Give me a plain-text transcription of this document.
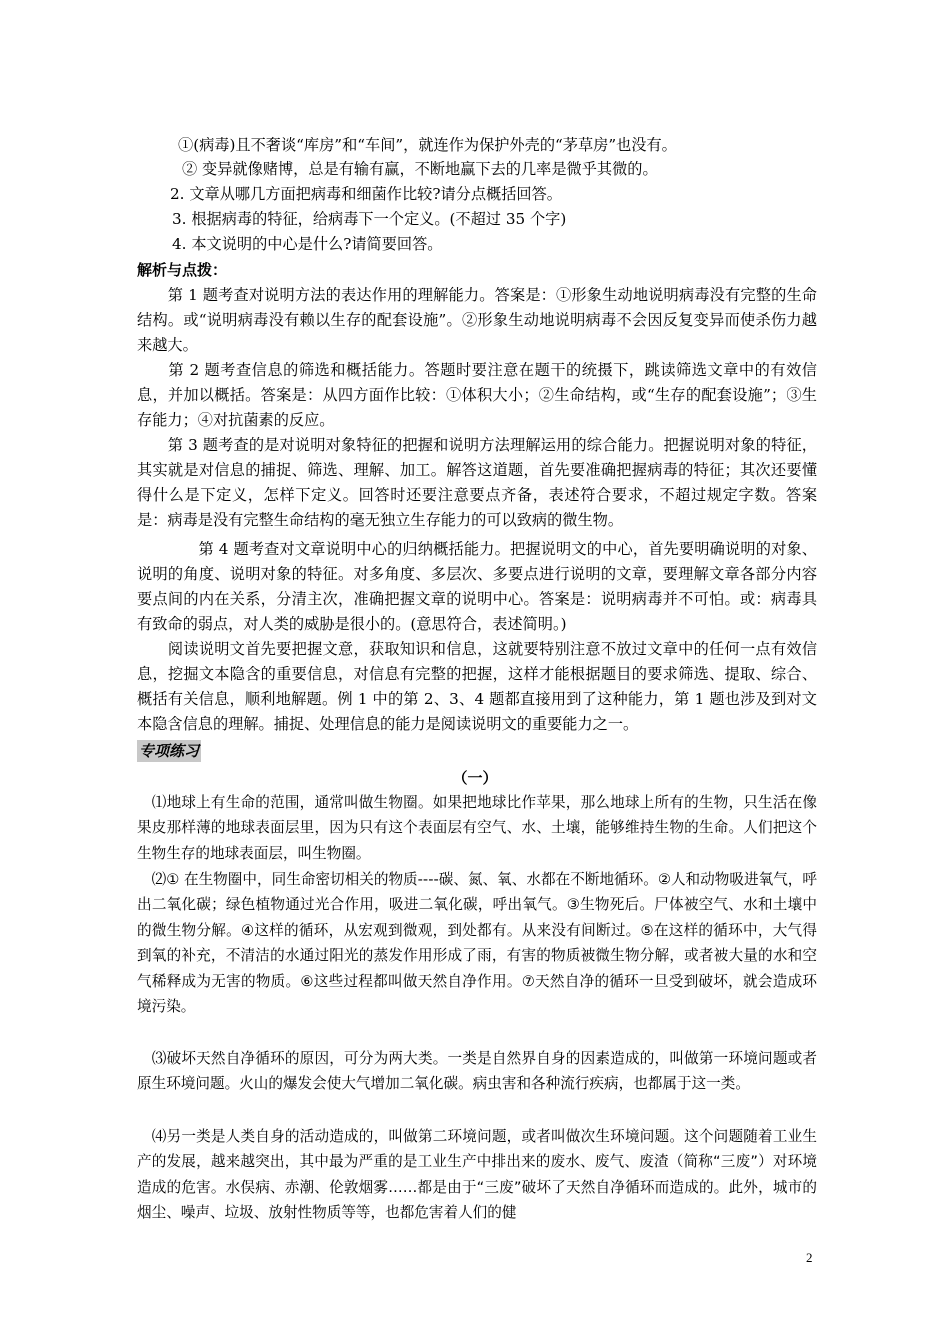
①(病毒)且不奢谈“库房”和“车间”，就连作为保护外壳的“茅草房”也没有。
② 变异就像赌博，总是有输有赢，不断地赢下去的几率是微乎其微的。
2. 文章从哪几方面把病毒和细菌作比较?请分点概括回答。
3. 根据病毒的特征，给病毒下一个定义。(不超过 35 个字)
4. 本文说明的中心是什么?请简要回答。
解析与点拨：
　　第 1 题考查对说明方法的表达作用的理解能力。答案是：①形象生动地说明病毒没有完整的生命结构。或“说明病毒没有赖以生存的配套设施”。②形象生动地说明病毒不会因反复变异而使杀伤力越来越大。
　　第 2 题考查信息的筛选和概括能力。答题时要注意在题干的统摄下，跳读筛选文章中的有效信息，并加以概括。答案是：从四方面作比较：①体积大小；②生命结构，或“生存的配套设施”；③生存能力；④对抗菌素的反应。
　　第 3 题考查的是对说明对象特征的把握和说明方法理解运用的综合能力。把握说明对象的特征，其实就是对信息的捕捉、筛选、理解、加工。解答这道题，首先要准确把握病毒的特征；其次还要懂得什么是下定义，怎样下定义。回答时还要注意要点齐备，表述符合要求，不超过规定字数。答案是：病毒是没有完整生命结构的毫无独立生存能力的可以致病的微生物。
　　　　第 4 题考查对文章说明中心的归纳概括能力。把握说明文的中心，首先要明确说明的对象、说明的角度、说明对象的特征。对多角度、多层次、多要点进行说明的文章，要理解文章各部分内容要点间的内在关系，分清主次，准确把握文章的说明中心。答案是：说明病毒并不可怕。或：病毒具有致命的弱点，对人类的威胁是很小的。(意思符合，表述简明。)
　　阅读说明文首先要把握文意，获取知识和信息，这就要特别注意不放过文章中的任何一点有效信息，挖掘文本隐含的重要信息，对信息有完整的把握，这样才能根据题目的要求筛选、提取、综合、概括有关信息，顺利地解题。例 1 中的第 2、3、4 题都直接用到了这种能力，第 1 题也涉及到对文本隐含信息的理解。捕捉、处理信息的能力是阅读说明文的重要能力之一。
专项练习
（一）
　⑴地球上有生命的范围，通常叫做生物圈。如果把地球比作苹果，那么地球上所有的生物，只生活在像果皮那样薄的地球表面层里，因为只有这个表面层有空气、水、土壤，能够维持生物的生命。人们把这个生物生存的地球表面层，叫生物圈。
　⑵① 在生物圈中，同生命密切相关的物质----碳、氮、氧、水都在不断地循环。②人和动物吸进氧气，呼出二氧化碳；绿色植物通过光合作用，吸进二氧化碳，呼出氧气。③生物死后。尸体被空气、水和土壤中的微生物分解。④这样的循环，从宏观到微观，到处都有。从来没有间断过。⑤在这样的循环中，大气得到氧的补充，不清洁的水通过阳光的蒸发作用形成了雨，有害的物质被微生物分解，或者被大量的水和空气稀释成为无害的物质。⑥这些过程都叫做天然自净作用。⑦天然自净的循环一旦受到破坏，就会造成环境污染。
　⑶破坏天然自净循环的原因，可分为两大类。一类是自然界自身的因素造成的，叫做第一环境问题或者原生环境问题。火山的爆发会使大气增加二氧化碳。病虫害和各种流行疾病，也都属于这一类。
　⑷另一类是人类自身的活动造成的，叫做第二环境问题，或者叫做次生环境问题。这个问题随着工业生产的发展，越来越突出，其中最为严重的是工业生产中排出来的废水、废气、废渣（简称“三废”）对环境造成的危害。水俣病、赤潮、伦敦烟雾……都是由于“三废”破坏了天然自净循环而造成的。此外，城市的烟尘、噪声、垃圾、放射性物质等等，也都危害着人们的健
2
